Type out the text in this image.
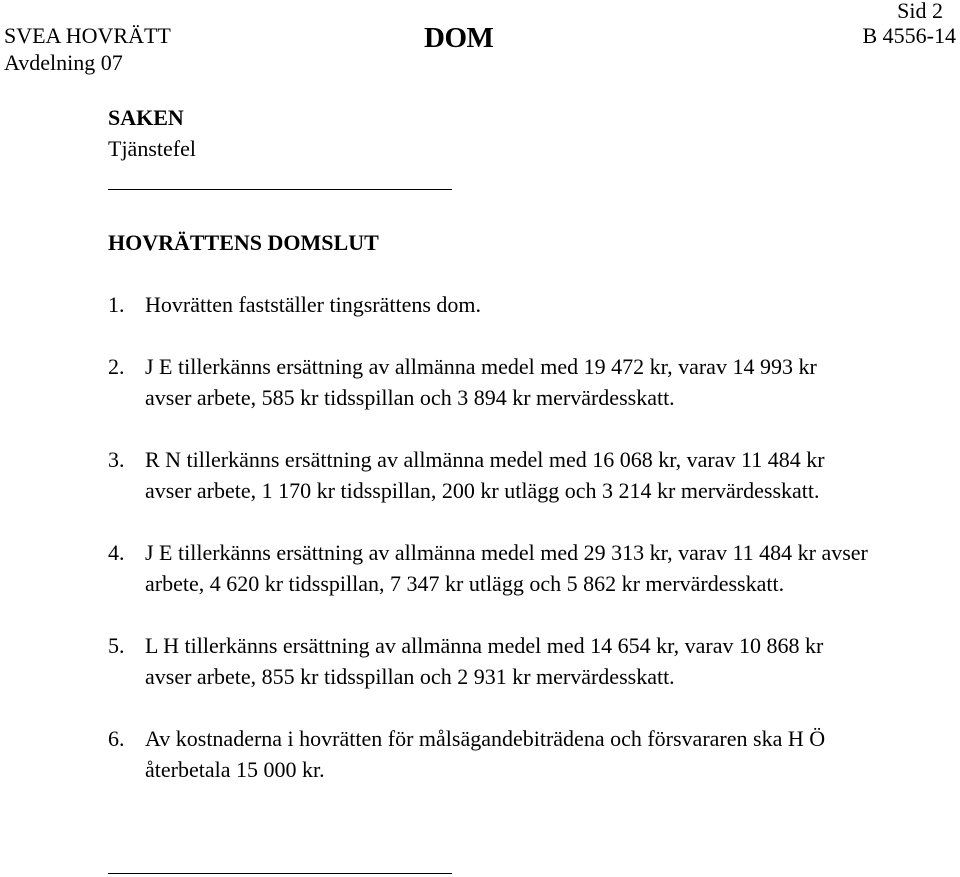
SVEA HOVRÄTT
Avdelning 07
DOM
Sid 2
B 4556-14
SAKEN
Tjänstefel
HOVRÄTTENS DOMSLUT
1. Hovrätten fastställer tingsrättens dom.
2. J E tillerkänns ersättning av allmänna medel med 19 472 kr, varav 14 993 kr avser arbete, 585 kr tidsspillan och 3 894 kr mervärdesskatt.
3. R N tillerkänns ersättning av allmänna medel med 16 068 kr, varav 11 484 kr avser arbete, 1 170 kr tidsspillan, 200 kr utlägg och 3 214 kr mervärdesskatt.
4. J E tillerkänns ersättning av allmänna medel med 29 313 kr, varav 11 484 kr avser arbete, 4 620 kr tidsspillan, 7 347 kr utlägg och 5 862 kr mervärdesskatt.
5. L H tillerkänns ersättning av allmänna medel med 14 654 kr, varav 10 868 kr avser arbete, 855 kr tidsspillan och 2 931 kr mervärdesskatt.
6. Av kostnaderna i hovrätten för målsägandebiträdena och försvararen ska H Ö återbetala 15 000 kr.
